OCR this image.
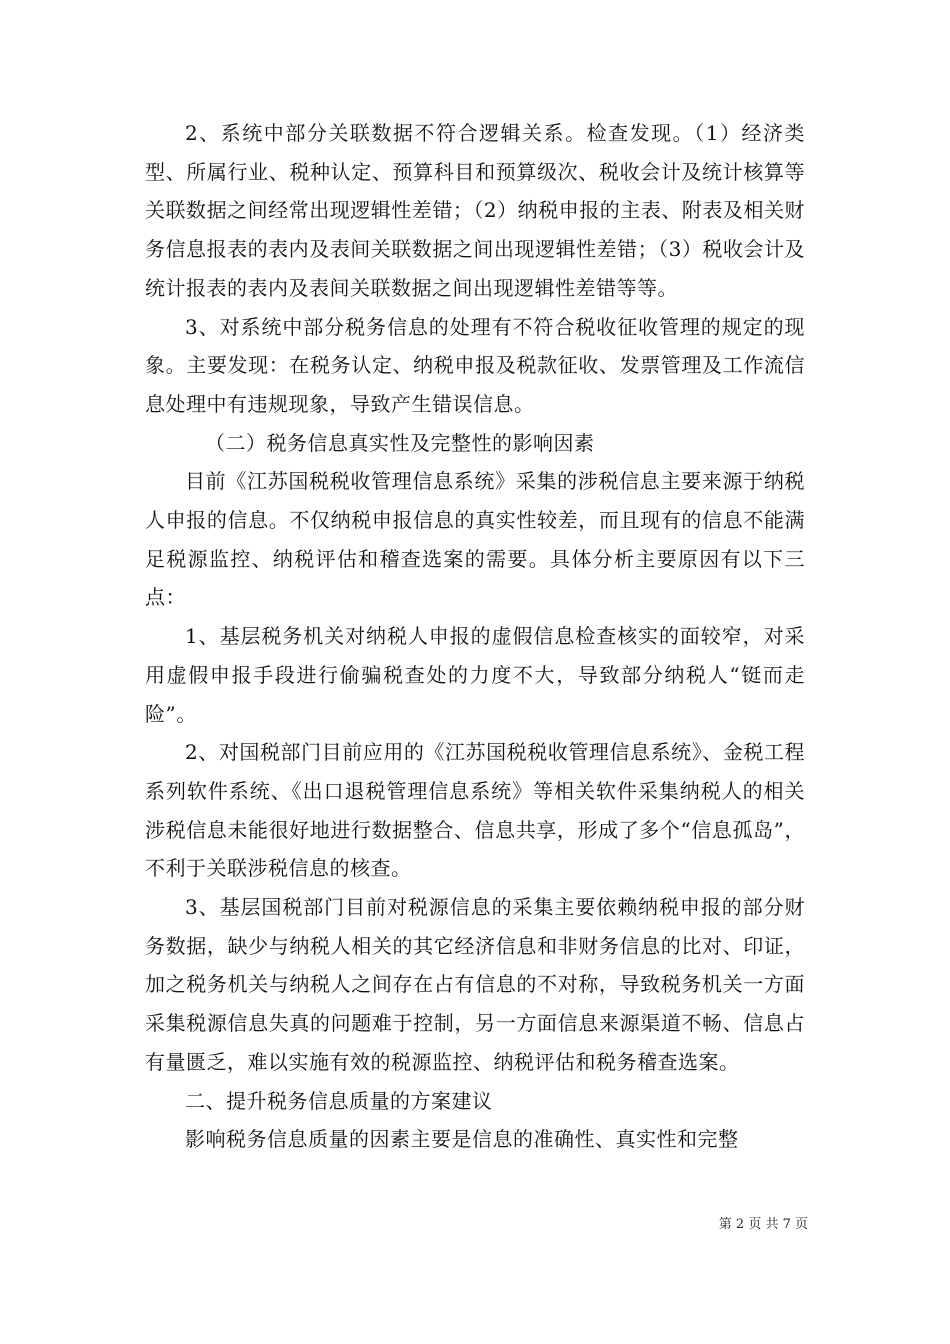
2、系统中部分关联数据不符合逻辑关系。检查发现。（1）经济类型、所属行业、税种认定、预算科目和预算级次、税收会计及统计核算等关联数据之间经常出现逻辑性差错；（2）纳税申报的主表、附表及相关财务信息报表的表内及表间关联数据之间出现逻辑性差错；（3）税收会计及统计报表的表内及表间关联数据之间出现逻辑性差错等等。

3、对系统中部分税务信息的处理有不符合税收征收管理的规定的现象。主要发现：在税务认定、纳税申报及税款征收、发票管理及工作流信息处理中有违规现象，导致产生错误信息。

（二）税务信息真实性及完整性的影响因素

目前《江苏国税税收管理信息系统》采集的涉税信息主要来源于纳税人申报的信息。不仅纳税申报信息的真实性较差，而且现有的信息不能满足税源监控、纳税评估和稽查选案的需要。具体分析主要原因有以下三点：

1、基层税务机关对纳税人申报的虚假信息检查核实的面较窄，对采用虚假申报手段进行偷骗税查处的力度不大，导致部分纳税人“铤而走险”。

2、对国税部门目前应用的《江苏国税税收管理信息系统》、金税工程系列软件系统、《出口退税管理信息系统》等相关软件采集纳税人的相关涉税信息未能很好地进行数据整合、信息共享，形成了多个“信息孤岛”，不利于关联涉税信息的核查。

3、基层国税部门目前对税源信息的采集主要依赖纳税申报的部分财务数据，缺少与纳税人相关的其它经济信息和非财务信息的比对、印证，加之税务机关与纳税人之间存在占有信息的不对称，导致税务机关一方面采集税源信息失真的问题难于控制，另一方面信息来源渠道不畅、信息占有量匮乏，难以实施有效的税源监控、纳税评估和税务稽查选案。

二、提升税务信息质量的方案建议

影响税务信息质量的因素主要是信息的准确性、真实性和完整

第 2 页 共 7 页
